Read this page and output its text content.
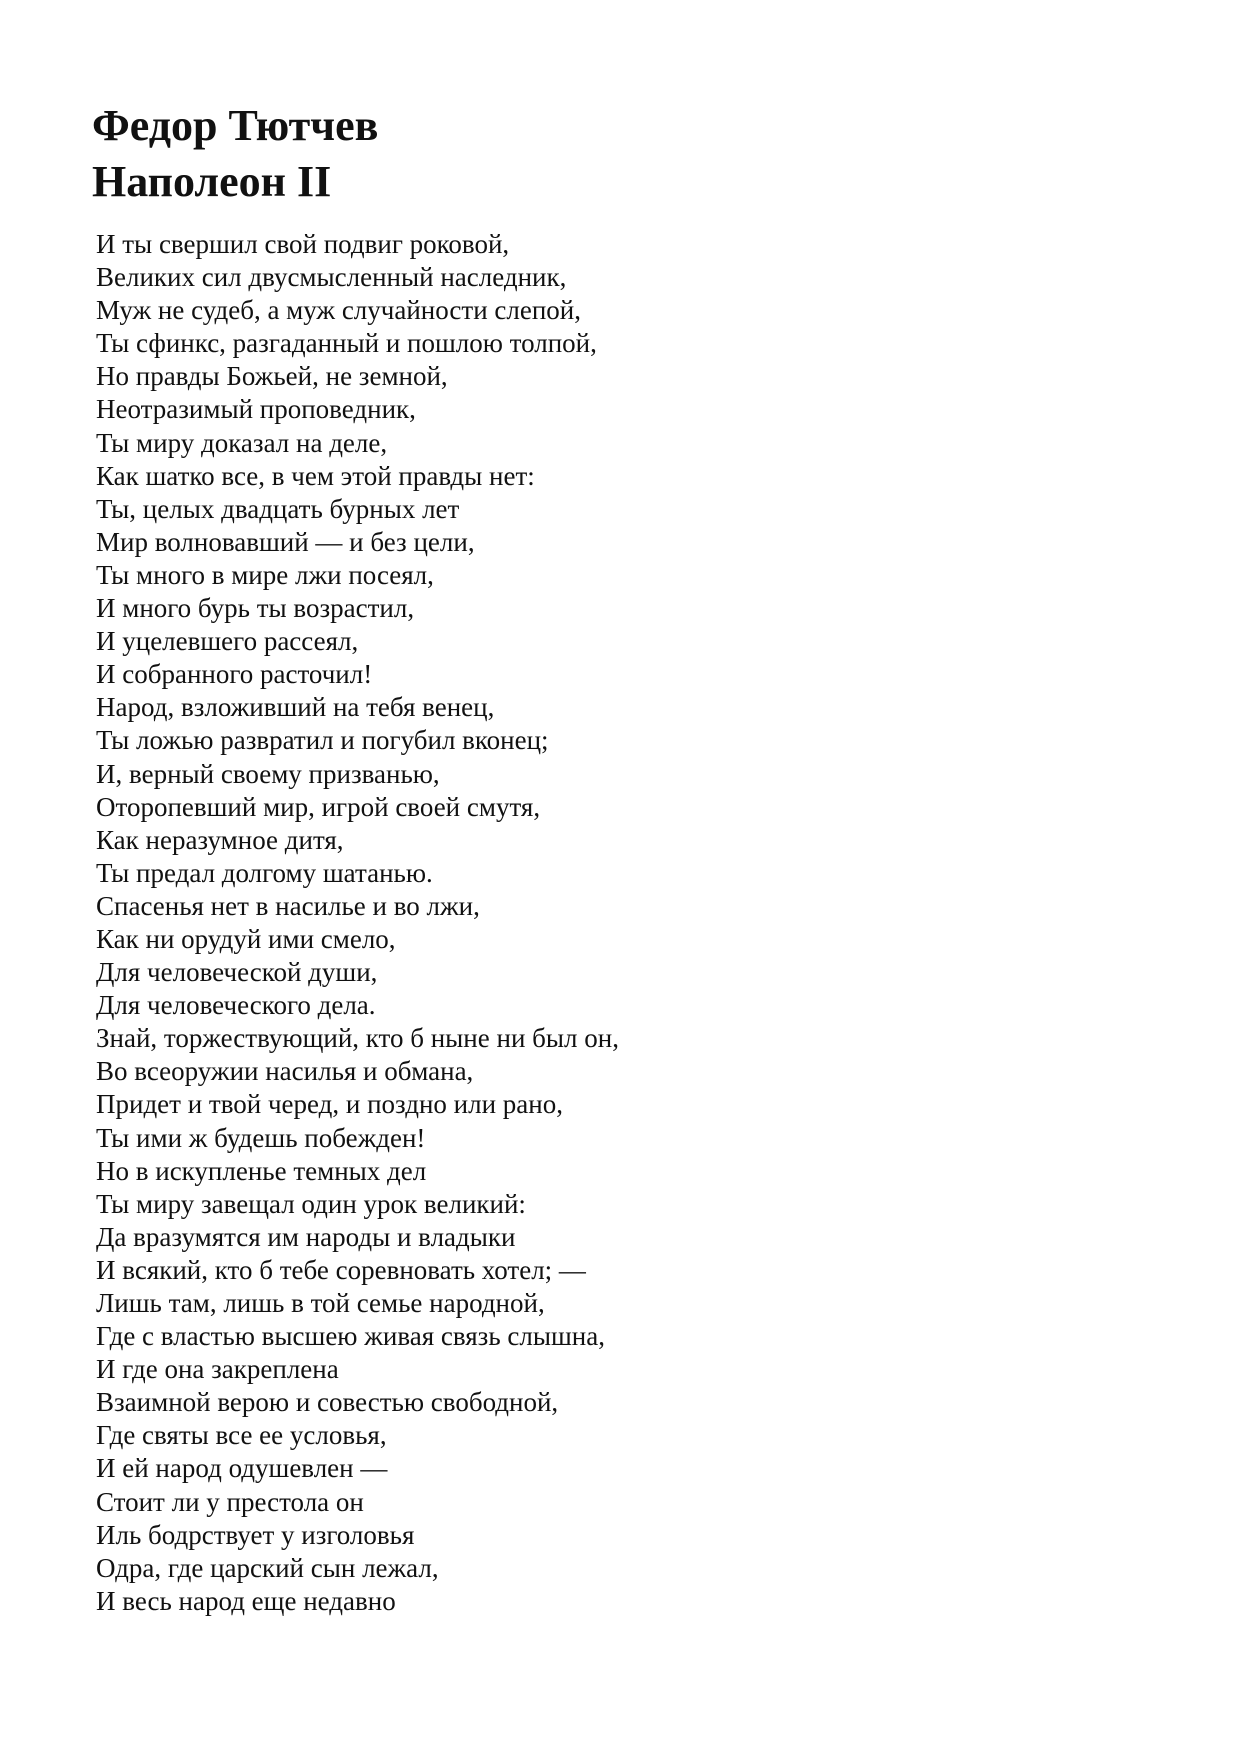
Федор Тютчев
Наполеон II
И ты свершил свой подвиг роковой,
Великих сил двусмысленный наследник,
Муж не судеб, а муж случайности слепой,
Ты сфинкс, разгаданный и пошлою толпой,
Но правды Божьей, не земной,
Неотразимый проповедник,
Ты миру доказал на деле,
Как шатко все, в чем этой правды нет:
Ты, целых двадцать бурных лет
Мир волновавший — и без цели,
Ты много в мире лжи посеял,
И много бурь ты возрастил,
И уцелевшего рассеял,
И собранного расточил!
Народ, взложивший на тебя венец,
Ты ложью развратил и погубил вконец;
И, верный своему призванью,
Оторопевший мир, игрой своей смутя,
Как неразумное дитя,
Ты предал долгому шатанью.
Спасенья нет в насилье и во лжи,
Как ни орудуй ими смело,
Для человеческой души,
Для человеческого дела.
Знай, торжествующий, кто б ныне ни был он,
Во всеоружии насилья и обмана,
Придет и твой черед, и поздно или рано,
Ты ими ж будешь побежден!
Но в искупленье темных дел
Ты миру завещал один урок великий:
Да вразумятся им народы и владыки
И всякий, кто б тебе соревновать хотел; —
Лишь там, лишь в той семье народной,
Где с властью высшею живая связь слышна,
И где она закреплена
Взаимной верою и совестью свободной,
Где святы все ее условья,
И ей народ одушевлен —
Стоит ли у престола он
Иль бодрствует у изголовья
Одра, где царский сын лежал,
И весь народ еще недавно
